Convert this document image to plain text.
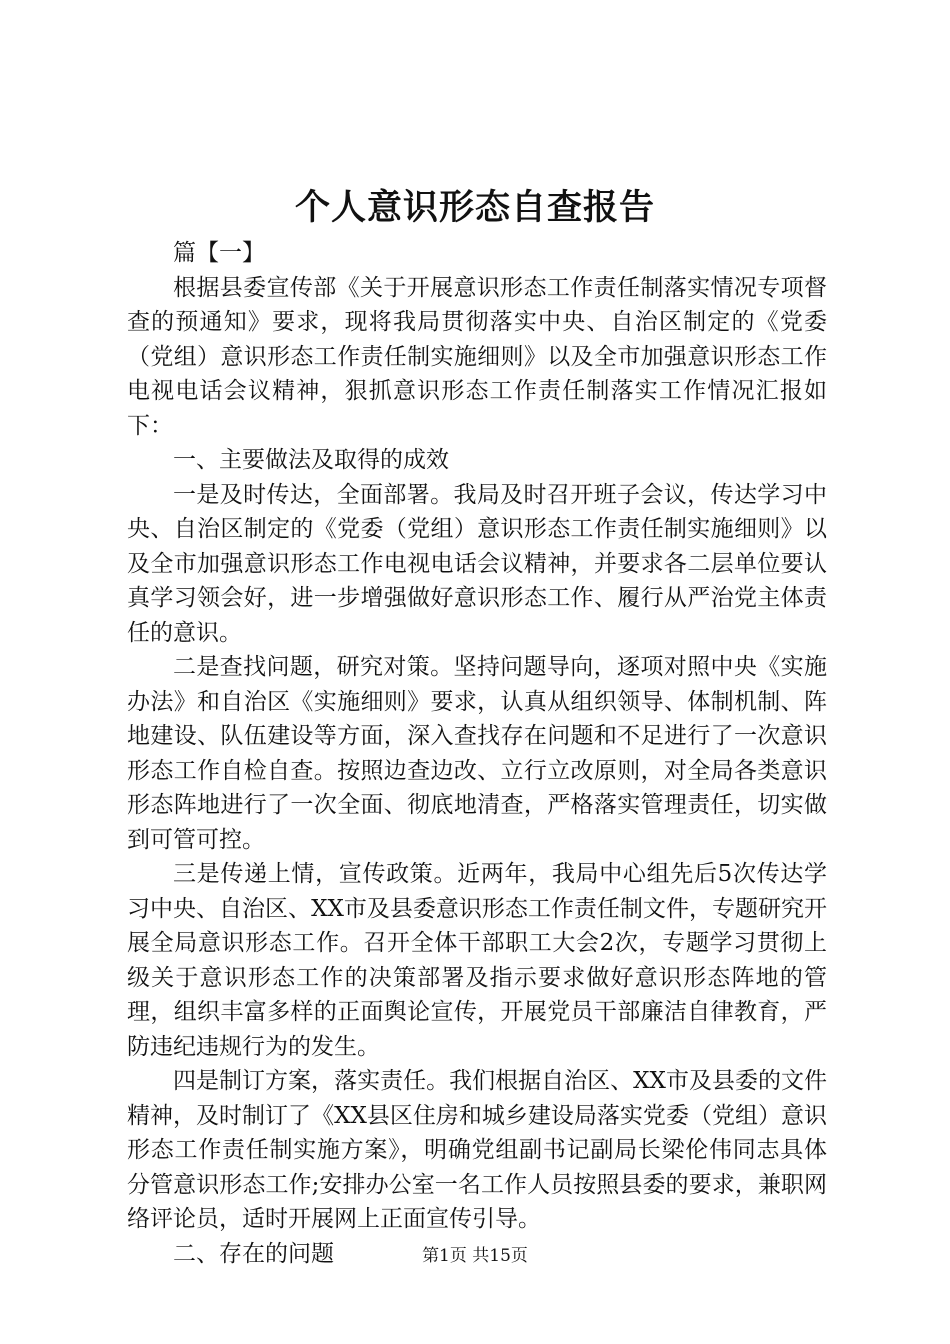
个人意识形态自查报告

篇【一】

根据县委宣传部《关于开展意识形态工作责任制落实情况专项督查的预通知》要求，现将我局贯彻落实中央、自治区制定的《党委（党组）意识形态工作责任制实施细则》以及全市加强意识形态工作电视电话会议精神，狠抓意识形态工作责任制落实工作情况汇报如下：

一、主要做法及取得的成效

一是及时传达，全面部署。我局及时召开班子会议，传达学习中央、自治区制定的《党委（党组）意识形态工作责任制实施细则》以及全市加强意识形态工作电视电话会议精神，并要求各二层单位要认真学习领会好，进一步增强做好意识形态工作、履行从严治党主体责任的意识。

二是查找问题，研究对策。坚持问题导向，逐项对照中央《实施办法》和自治区《实施细则》要求，认真从组织领导、体制机制、阵地建设、队伍建设等方面，深入查找存在问题和不足进行了一次意识形态工作自检自查。按照边查边改、立行立改原则，对全局各类意识形态阵地进行了一次全面、彻底地清查，严格落实管理责任，切实做到可管可控。

三是传递上情，宣传政策。近两年，我局中心组先后5次传达学习中央、自治区、XX市及县委意识形态工作责任制文件，专题研究开展全局意识形态工作。召开全体干部职工大会2次，专题学习贯彻上级关于意识形态工作的决策部署及指示要求做好意识形态阵地的管理，组织丰富多样的正面舆论宣传，开展党员干部廉洁自律教育，严防违纪违规行为的发生。

四是制订方案，落实责任。我们根据自治区、XX市及县委的文件精神，及时制订了《XX县区住房和城乡建设局落实党委（党组）意识形态工作责任制实施方案》，明确党组副书记副局长梁伦伟同志具体分管意识形态工作;安排办公室一名工作人员按照县委的要求，兼职网络评论员，适时开展网上正面宣传引导。

二、存在的问题	第1页 共15页
